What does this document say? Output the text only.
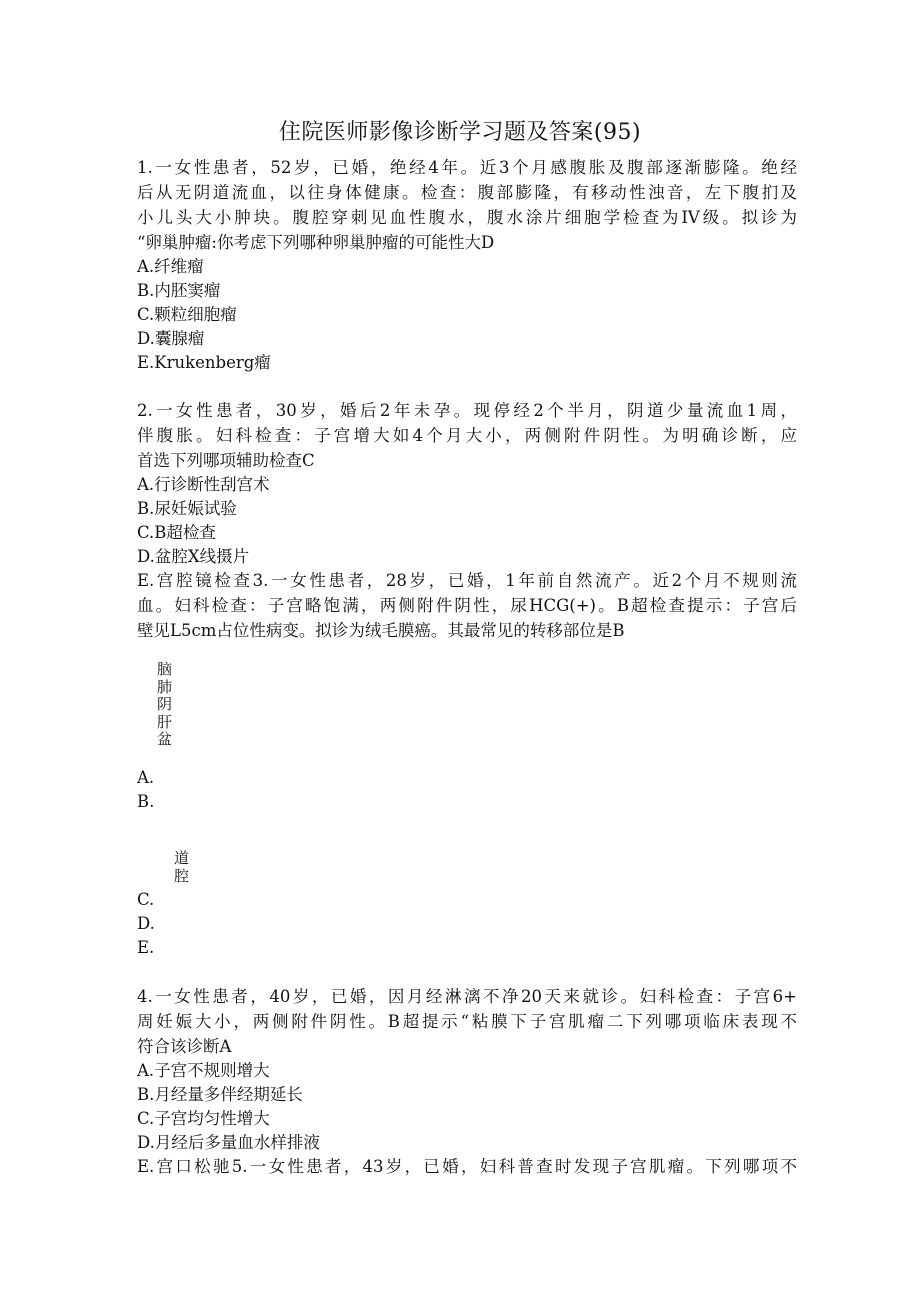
住院医师影像诊断学习题及答案(95)
1.一女性患者，52岁，已婚，绝经4年。近3个月感腹胀及腹部逐渐膨隆。绝经
后从无阴道流血，以往身体健康。检查：腹部膨隆，有移动性浊音，左下腹扪及
小儿头大小肿块。腹腔穿刺见血性腹水，腹水涂片细胞学检查为IV级。拟诊为
“卵巢肿瘤:你考虑下列哪种卵巢肿瘤的可能性大D
A.纤维瘤
B.内胚窦瘤
C.颗粒细胞瘤
D.囊腺瘤
E.Krukenberg瘤
2.一女性患者，30岁，婚后2年未孕。现停经2个半月，阴道少量流血1周，
伴腹胀。妇科检查：子宫增大如4个月大小，两侧附件阴性。为明确诊断，应
首选下列哪项辅助检查C
A.行诊断性刮宫术
B.尿妊娠试验
C.B超检查
D.盆腔X线摄片
E.宫腔镜检查3.一女性患者，28岁，已婚，1年前自然流产。近2个月不规则流
血。妇科检查：子宫略饱满，两侧附件阴性，尿HCG(+)。B超检查提示：子宫后
壁见L5cm占位性病变。拟诊为绒毛膜癌。其最常见的转移部位是B
A.
B.
C.
D.
E.
4.一女性患者，40岁，已婚，因月经淋漓不净20天来就诊。妇科检查：子宫6+
周妊娠大小，两侧附件阴性。B超提示“粘膜下子宫肌瘤二下列哪项临床表现不
符合该诊断A
A.子宫不规则增大
B.月经量多伴经期延长
C.子宫均匀性增大
D.月经后多量血水样排液
E.宫口松驰5.一女性患者，43岁，已婚，妇科普查时发现子宫肌瘤。下列哪项不
脑
肺
阴
肝
盆
道
腔
